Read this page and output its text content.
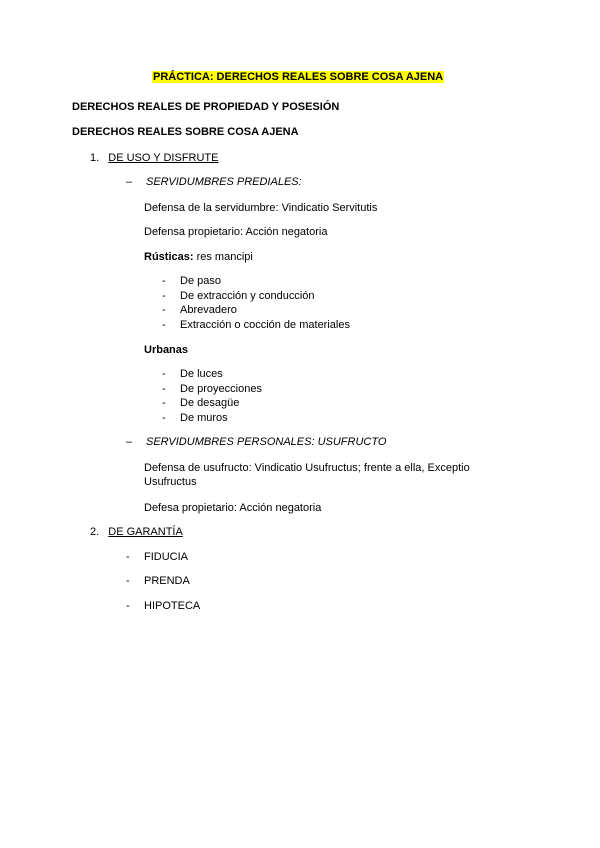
PRÁCTICA: DERECHOS REALES SOBRE COSA AJENA
DERECHOS REALES DE PROPIEDAD Y POSESIÓN
DERECHOS REALES SOBRE COSA AJENA
1. DE USO Y DISFRUTE
– SERVIDUMBRES PREDIALES:
Defensa de la servidumbre: Vindicatio Servitutis
Defensa propietario: Acción negatoria
Rústicas: res mancipi
- De paso
- De extracción y conducción
- Abrevadero
- Extracción o cocción de materiales
Urbanas
- De luces
- De proyecciones
- De desagüe
- De muros
– SERVIDUMBRES PERSONALES: USUFRUCTO
Defensa de usufructo: Vindicatio Usufructus; frente a ella, Exceptio Usufructus
Defesa propietario: Acción negatoria
2. DE GARANTÍA
- FIDUCIA
- PRENDA
- HIPOTECA
